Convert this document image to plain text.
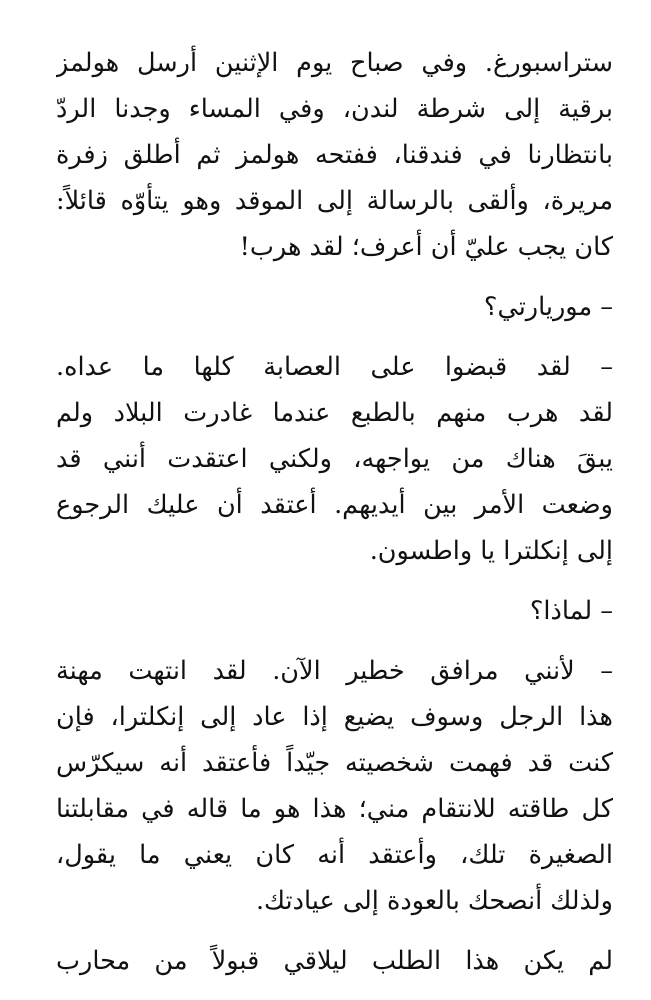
ستراسبورغ. وفي صباح يوم الإثنين أرسل هولمز
برقية إلى شرطة لندن، وفي المساء وجدنا الردّ
بانتظارنا في فندقنا، ففتحه هولمز ثم أطلق زفرة
مريرة، وألقى بالرسالة إلى الموقد وهو يتأوّه قائلاً:
كان يجب عليّ أن أعرف؛ لقد هرب!
– موريارتي؟
– لقد قبضوا على العصابة كلها ما عداه.
لقد هرب منهم بالطبع عندما غادرت البلاد ولم
يبقَ هناك من يواجهه، ولكني اعتقدت أنني قد
وضعت الأمر بين أيديهم. أعتقد أن عليك الرجوع
إلى إنكلترا يا واطسون.
– لماذا؟
– لأنني مرافق خطير الآن. لقد انتهت مهنة
هذا الرجل وسوف يضيع إذا عاد إلى إنكلترا، فإن
كنت قد فهمت شخصيته جيّداً فأعتقد أنه سيكرّس
كل طاقته للانتقام مني؛ هذا هو ما قاله في مقابلتنا
الصغيرة تلك، وأعتقد أنه كان يعني ما يقول،
ولذلك أنصحك بالعودة إلى عيادتك.
لم يكن هذا الطلب ليلاقي قبولاً من محارب
